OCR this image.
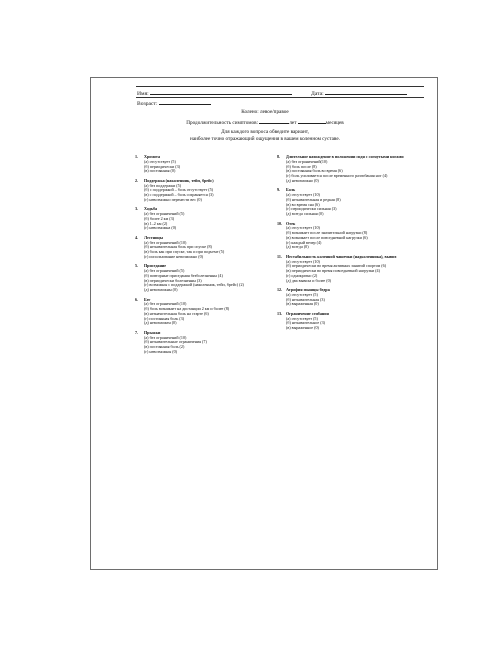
Имя:	Дата:
Возраст:
Колено: левое/правое
Продолжительность симптомов:	лет	месяцев
Для каждого вопроса обведите вариант,
наиболее точно отражающий ощущения в вашем коленном суставе.
1.	Хромота
(а) отсутствует (5)
(б) периодически (3)
(в) постоянная (0)
2.	Поддержка (наколенник, тейп, брейс)
(а) без поддержки (5)
(б) с поддержкой – боль отсутствует (5)
(в) с поддержкой – боль сохраняется (3)
(г) невозможно перенести вес (0)
3.	Ходьба
(а) без ограничений (5)
(б) более 2 км (3)
(в) 1–2 км (2)
(г) невозможна (0)
4.	Лестницы
(а) без ограничений (10)
(б) незначительная боль при спуске (8)
(в) боль как при спуске, так и при подъеме (5)
(г) использование невозможно (0)
5.	Приседание
(а) без ограничений (5)
(б) повторные приседания безболезненны (4)
(в) периодически болезненны (3)
(г) возможны с поддержкой (наколенник, тейп, брейс) (2)
(д) невозможны (0)
6.	Бег
(а) без ограничений (10)
(б) боль возникает на дистанции 2 км и более (8)
(в) незначительная боль на старте (6)
(г) постоянная боль (3)
(д) невозможен (0)
7.	Прыжки
(а) без ограничений (10)
(б) незначительные ограничения (7)
(в) постоянная боль (2)
(г) невозможны (0)
8.	Длительное нахождение в положении сидя с согнутыми ногами
(а) без ограничений(10)
(б) боль после (8)
(в) постоянная боль во время (6)
(г) боль усиливается после временного разгибания ног (4)
(д) невозможно (0)
9.	Боль
(а) отсутствует (10)
(б) незначительная и редкая (8)
(в) во время сна (6)
(г) периодически сильная (3)
(д) всегда сильная (0)
10. Отек
(а) отсутствует (10)
(б) возникает после значительной нагрузки (8)
(в) возникает после повседневной нагрузки (6)
(г) каждый вечер (4)
(д) всегда (0)
11. Нестабильность коленной чашечки (надколенника), вывих
(а) отсутствует (10)
(б) периодически во время активных занятий спортом (6)
(в) периодически во время повседневной нагрузки (4)
(г) однократно (2)
(д) два вывиха и более (0)
12. Атрофия мышцы бедра
(а) отсутствует (5)
(б) незначительная (3)
(в) выраженная (0)
13. Ограничение сгибания
(а) отсутствует (5)
(б) незначительное (3)
(в) выраженное (0)
